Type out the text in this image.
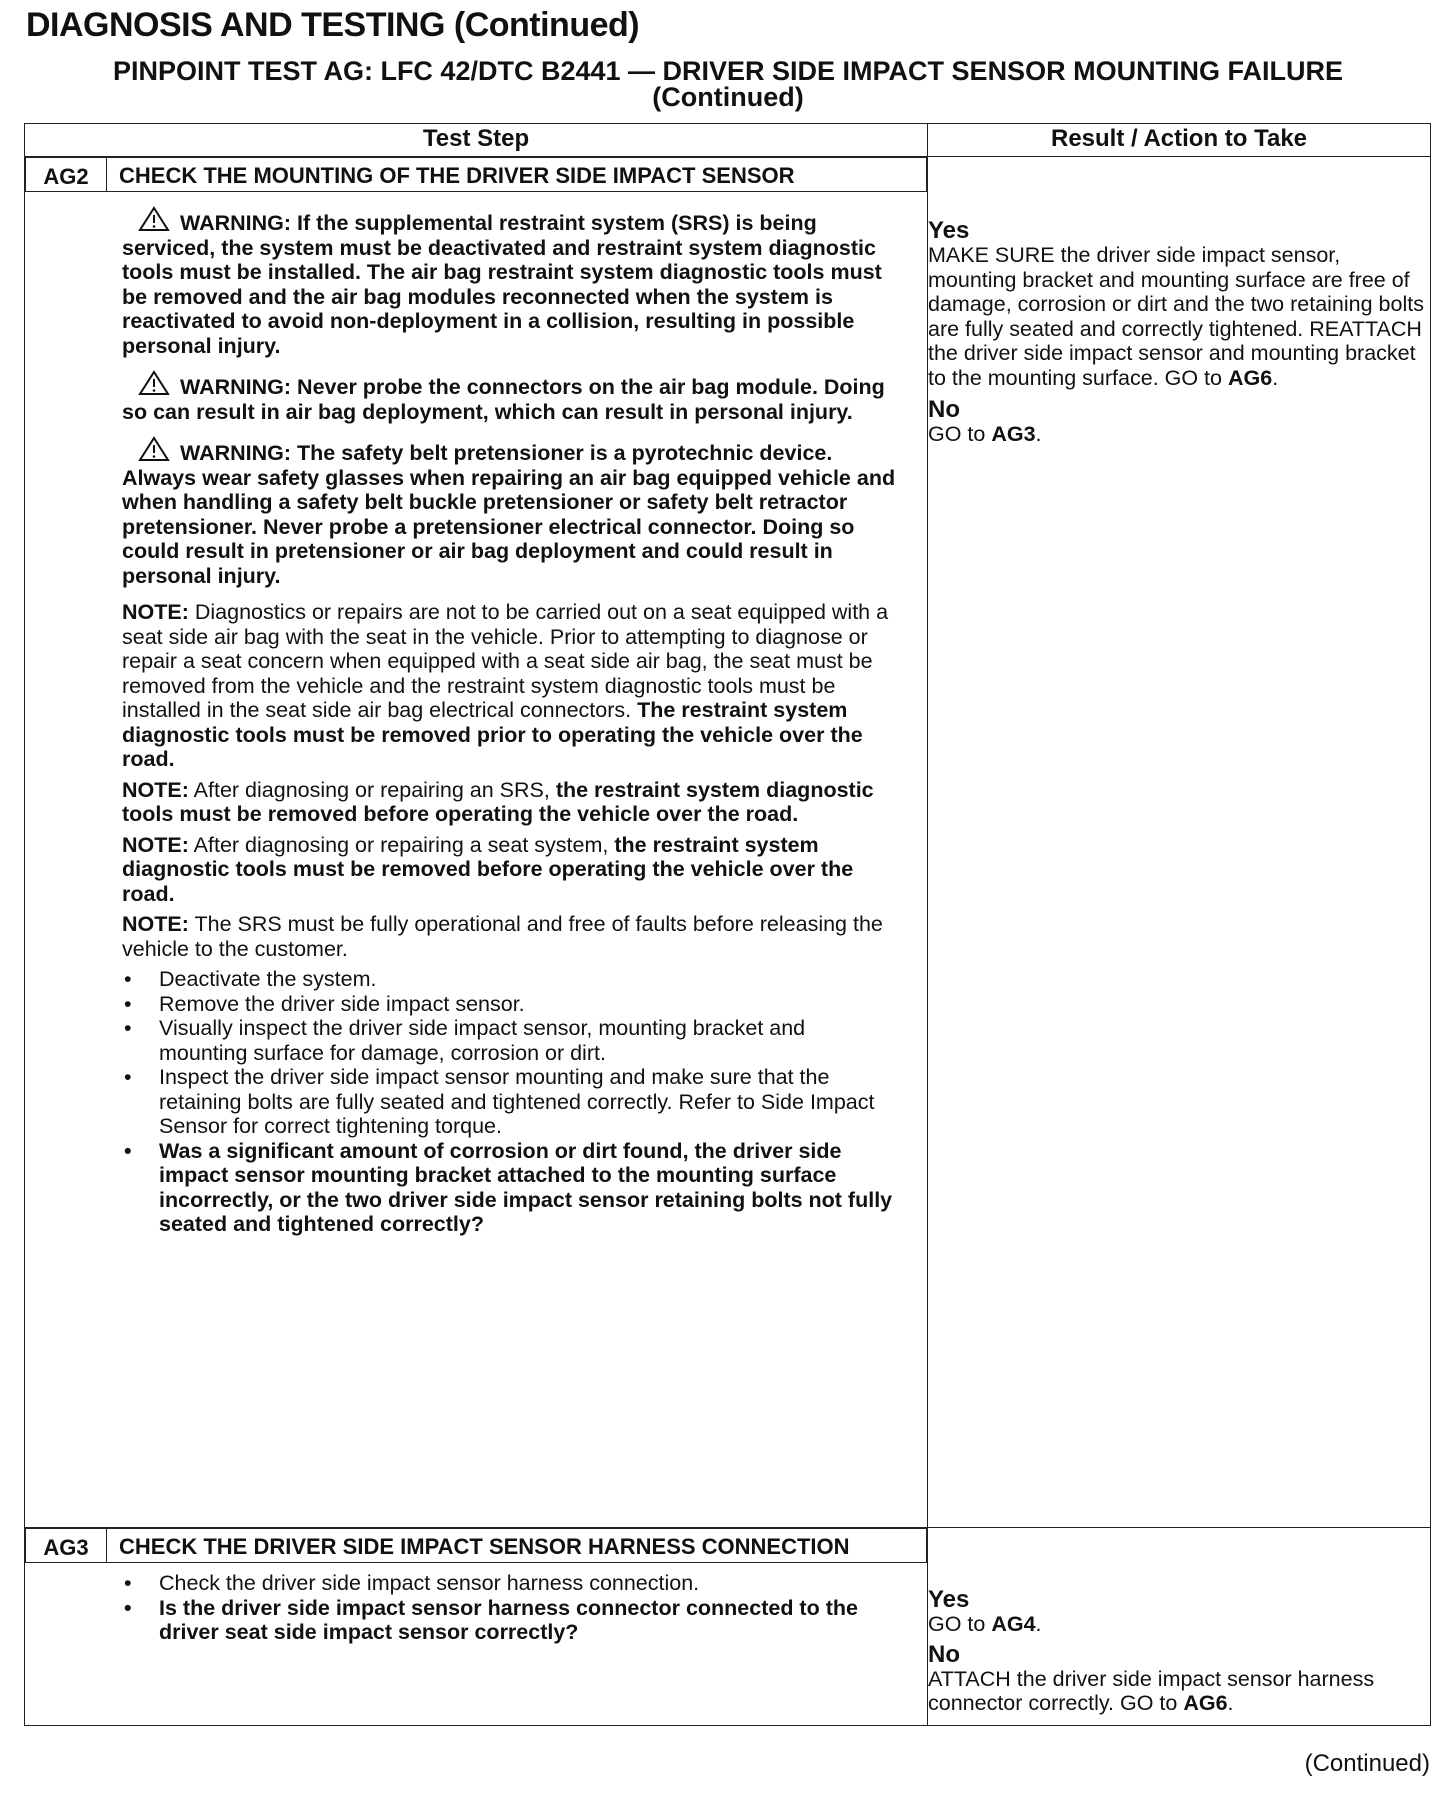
DIAGNOSIS AND TESTING (Continued)
PINPOINT TEST AG: LFC 42/DTC B2441 — DRIVER SIDE IMPACT SENSOR MOUNTING FAILURE
(Continued)
Test Step	Result / Action to Take

AG2	CHECK THE MOUNTING OF THE DRIVER SIDE IMPACT SENSOR

WARNING: If the supplemental restraint system (SRS) is being serviced, the system must be deactivated and restraint system diagnostic tools must be installed. The air bag restraint system diagnostic tools must be removed and the air bag modules reconnected when the system is reactivated to avoid non-deployment in a collision, resulting in possible personal injury.

WARNING: Never probe the connectors on the air bag module. Doing so can result in air bag deployment, which can result in personal injury.

WARNING: The safety belt pretensioner is a pyrotechnic device. Always wear safety glasses when repairing an air bag equipped vehicle and when handling a safety belt buckle pretensioner or safety belt retractor pretensioner. Never probe a pretensioner electrical connector. Doing so could result in pretensioner or air bag deployment and could result in personal injury.

NOTE: Diagnostics or repairs are not to be carried out on a seat equipped with a seat side air bag with the seat in the vehicle. Prior to attempting to diagnose or repair a seat concern when equipped with a seat side air bag, the seat must be removed from the vehicle and the restraint system diagnostic tools must be installed in the seat side air bag electrical connectors. The restraint system diagnostic tools must be removed prior to operating the vehicle over the road.

NOTE: After diagnosing or repairing an SRS, the restraint system diagnostic tools must be removed before operating the vehicle over the road.

NOTE: After diagnosing or repairing a seat system, the restraint system diagnostic tools must be removed before operating the vehicle over the road.

NOTE: The SRS must be fully operational and free of faults before releasing the vehicle to the customer.

• Deactivate the system.
• Remove the driver side impact sensor.
• Visually inspect the driver side impact sensor, mounting bracket and mounting surface for damage, corrosion or dirt.
• Inspect the driver side impact sensor mounting and make sure that the retaining bolts are fully seated and tightened correctly. Refer to Side Impact Sensor for correct tightening torque.
• Was a significant amount of corrosion or dirt found, the driver side impact sensor mounting bracket attached to the mounting surface incorrectly, or the two driver side impact sensor retaining bolts not fully seated and tightened correctly?

Yes
MAKE SURE the driver side impact sensor, mounting bracket and mounting surface are free of damage, corrosion or dirt and the two retaining bolts are fully seated and correctly tightened. REATTACH the driver side impact sensor and mounting bracket to the mounting surface. GO to AG6.
No
GO to AG3.

AG3	CHECK THE DRIVER SIDE IMPACT SENSOR HARNESS CONNECTION
• Check the driver side impact sensor harness connection.
• Is the driver side impact sensor harness connector connected to the driver seat side impact sensor correctly?

Yes
GO to AG4.
No
ATTACH the driver side impact sensor harness connector correctly. GO to AG6.
(Continued)
